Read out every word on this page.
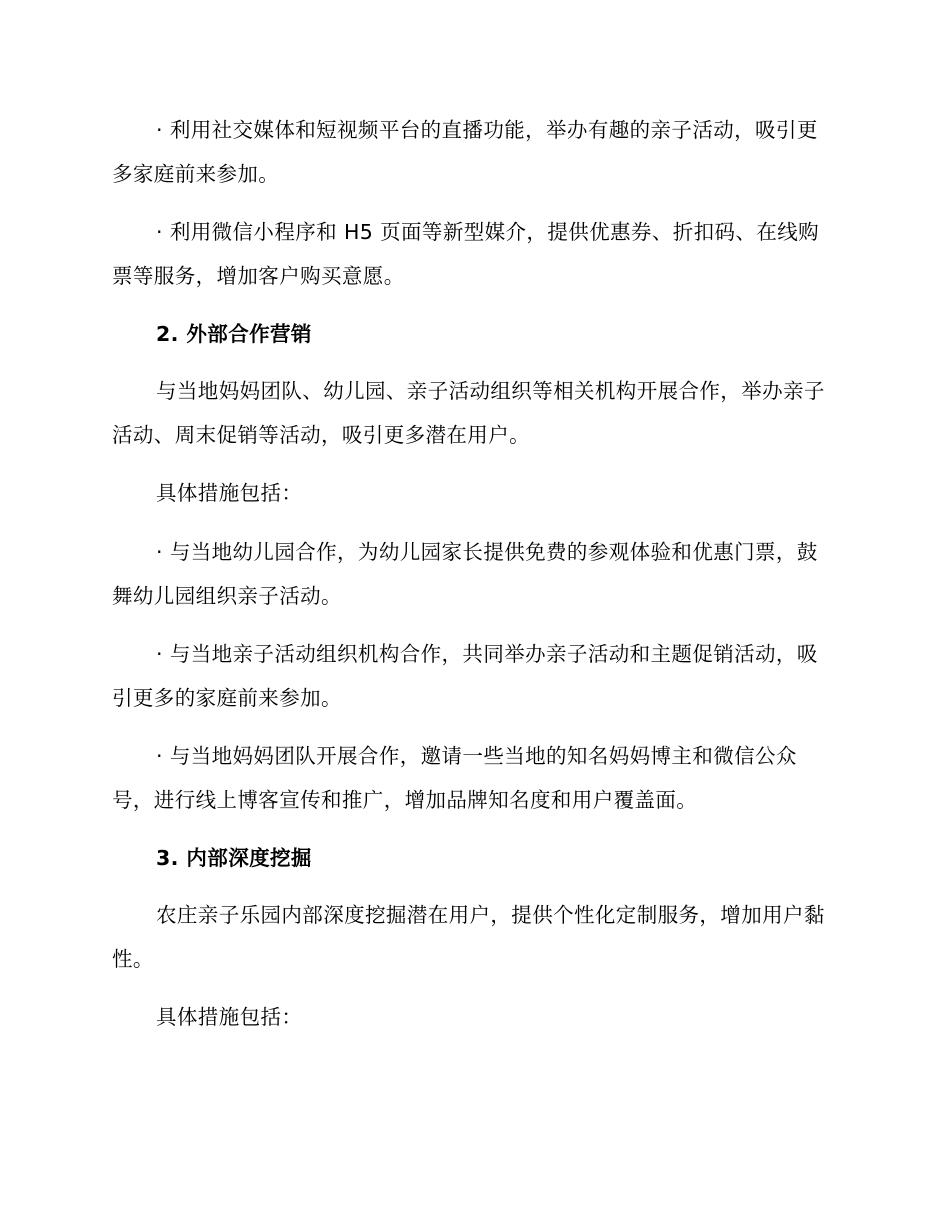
· 利用社交媒体和短视频平台的直播功能，举办有趣的亲子活动，吸引更多家庭前来参加。

· 利用微信小程序和 H5 页面等新型媒介，提供优惠券、折扣码、在线购票等服务，增加客户购买意愿。

2. 外部合作营销

与当地妈妈团队、幼儿园、亲子活动组织等相关机构开展合作，举办亲子活动、周末促销等活动，吸引更多潜在用户。

具体措施包括：

· 与当地幼儿园合作，为幼儿园家长提供免费的参观体验和优惠门票，鼓舞幼儿园组织亲子活动。

· 与当地亲子活动组织机构合作，共同举办亲子活动和主题促销活动，吸引更多的家庭前来参加。

· 与当地妈妈团队开展合作，邀请一些当地的知名妈妈博主和微信公众号，进行线上博客宣传和推广，增加品牌知名度和用户覆盖面。

3. 内部深度挖掘

农庄亲子乐园内部深度挖掘潜在用户，提供个性化定制服务，增加用户黏性。

具体措施包括：
